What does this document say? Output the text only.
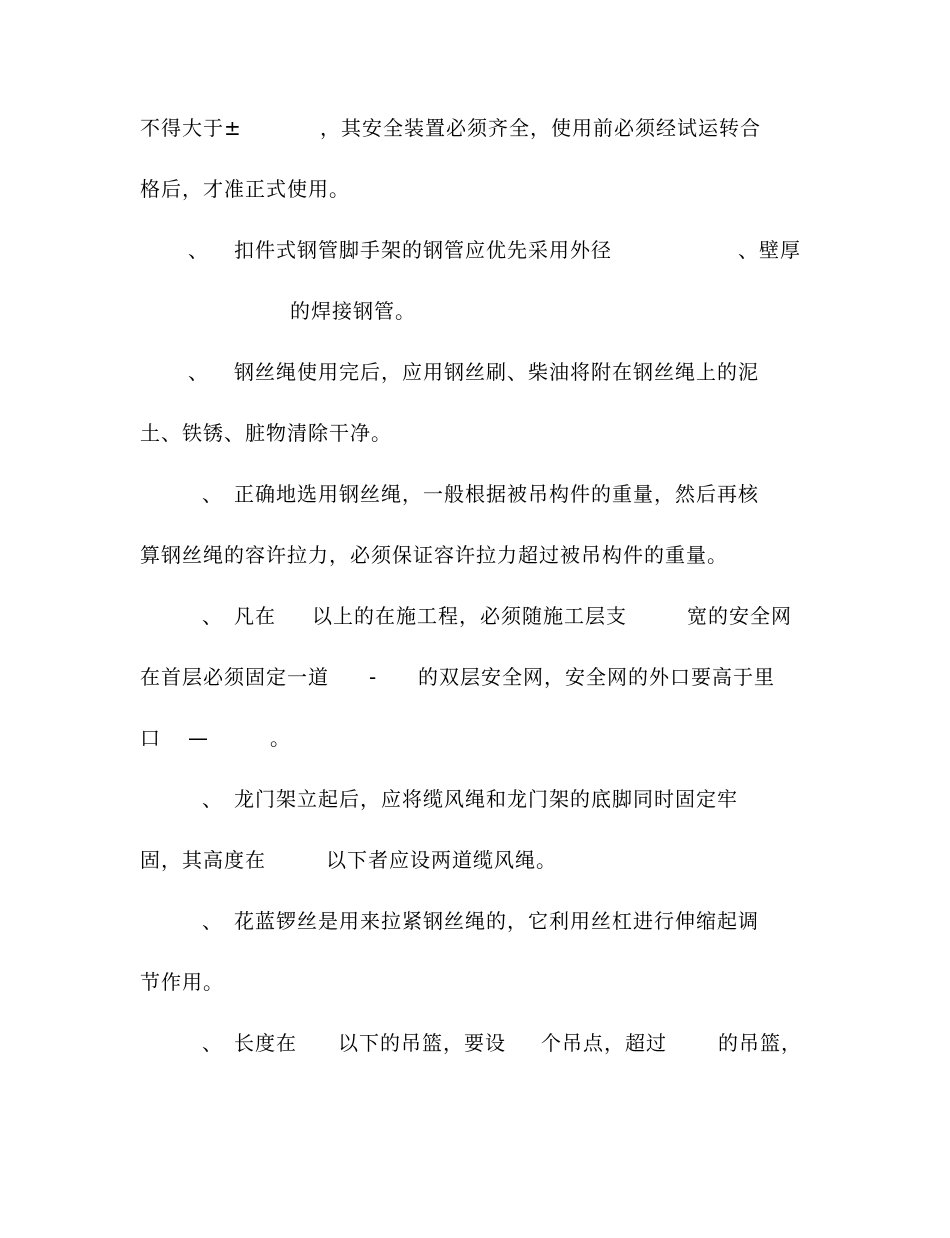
不得大于±

	，其安全装置必须齐全，使用前必须经试运转合

格后，才准正式使用。

、

扣件式钢管脚手架的钢管应优先采用外径

	、壁厚

的焊接钢管。

、

钢丝绳使用完后，应用钢丝刷、柴油将附在钢丝绳上的泥

土、铁锈、脏物清除干净。

、

正确地选用钢丝绳，一般根据被吊构件的重量，然后再核

算钢丝绳的容许拉力，必须保证容许拉力超过被吊构件的重量。

、

凡在

以上的在施工程，必须随施工层支

	宽的安全网

在首层必须固定一道

-

的双层安全网，安全网的外口要高于里

口

—

	。

、

龙门架立起后，应将缆风绳和龙门架的底脚同时固定牢

固，其高度在

	以下者应设两道缆风绳。

、

花蓝锣丝是用来拉紧钢丝绳的，它利用丝杠进行伸缩起调

节作用。

、

长度在

以下的吊篮，要设

个吊点，超过

	的吊篮，
